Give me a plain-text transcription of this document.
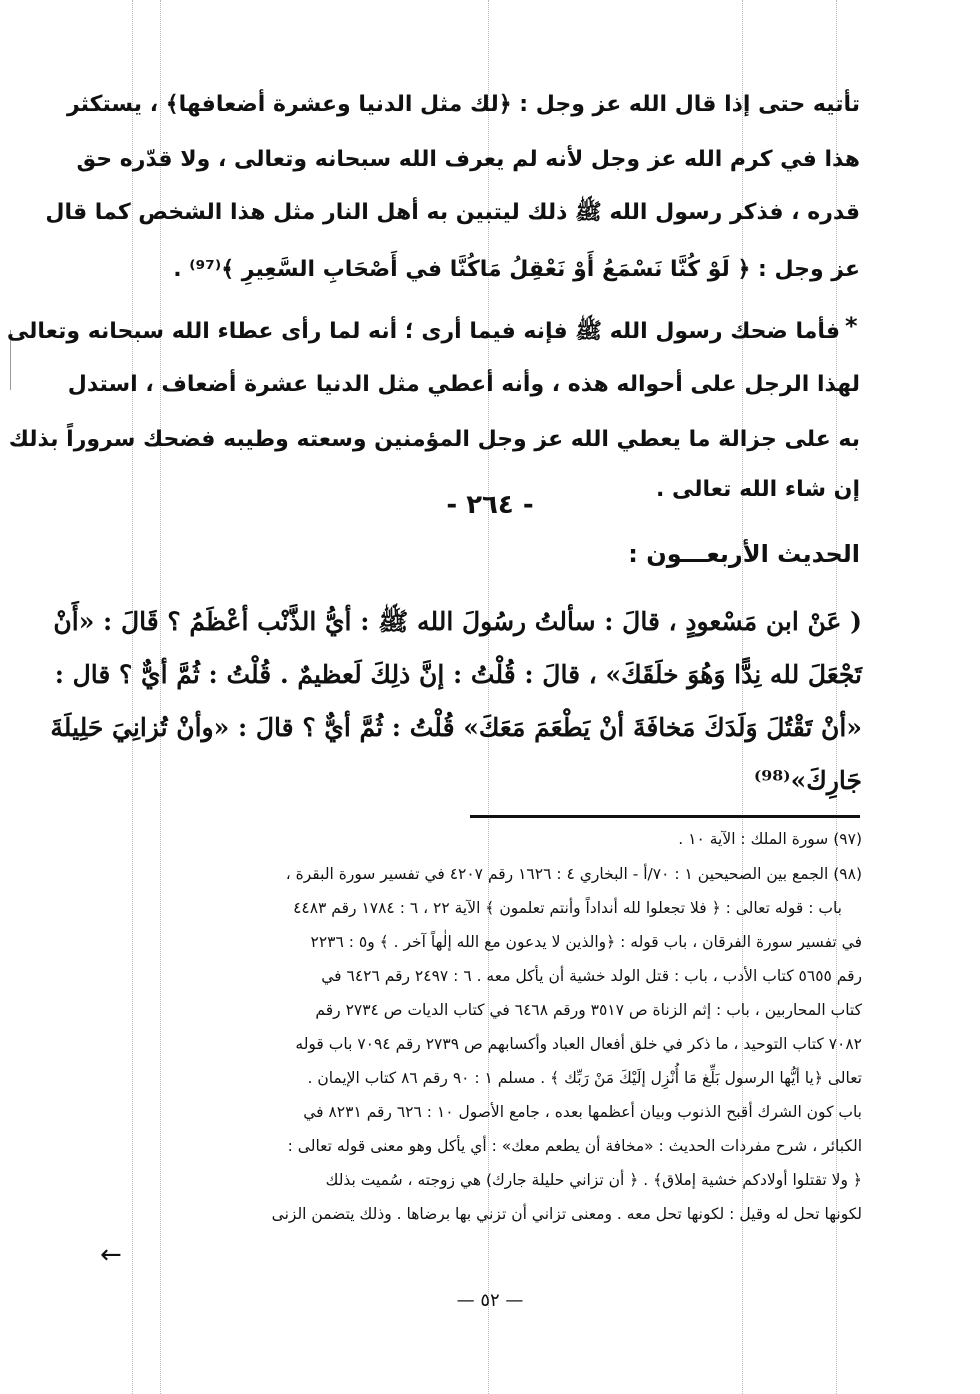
تأتيه حتى إذا قال الله عز وجل : ﴿لك مثل الدنيا وعشرة أضعافها﴾ ، يستكثر
هذا في كرم الله عز وجل لأنه لم يعرف الله سبحانه وتعالى ، ولا قدّره حق
قدره ، فذكر رسول الله ﷺ ذلك ليتبين به أهل النار مثل هذا الشخص كما قال
عز وجل : ﴿ لَوْ كُنَّا نَسْمَعُ أَوْ نَعْقِلُ مَاكُنَّا في أَصْحَابِ السَّعِيرِ ﴾⁽⁹⁷⁾ .
*
فأما ضحك رسول الله ﷺ فإنه فيما أرى ؛ أنه لما رأى عطاء الله سبحانه وتعالى
لهذا الرجل على أحواله هذه ، وأنه أعطي مثل الدنيا عشرة أضعاف ، استدل
به على جزالة ما يعطي الله عز وجل المؤمنين وسعته وطيبه فضحك سروراً بذلك
إن شاء الله تعالى .
- ٢٦٤ -
الحديث الأربعـــون :
( عَنْ ابن مَسْعودٍ ، قالَ : سألتُ رسُولَ الله ﷺ : أيُّ الذَّنْب أعْظَمُ ؟ قَالَ : «أَنْ
تَجْعَلَ لله نِدًّا وَهُوَ خلَقَكَ» ، قالَ : قُلْتُ : إنَّ ذلِكَ لَعظيمٌ . قُلْتُ : ثُمَّ أيٌّ ؟ قال :
«أنْ تَقْتُلَ وَلَدَكَ مَخافَةَ أنْ يَطْعَمَ مَعَكَ» قُلْتُ : ثُمَّ أيٌّ ؟ قالَ : «وأنْ تُزانِيَ حَلِيلَةَ
جَارِكَ»⁽⁹⁸⁾
(٩٧) سورة الملك : الآية ١٠ .
(٩٨) الجمع بين الصحيحين ١ : ٧٠/أ - البخاري ٤ : ١٦٢٦ رقم ٤٢٠٧ في تفسير سورة البقرة ،
باب : قوله تعالى : ﴿ فلا تجعلوا لله أنداداً وأنتم تعلمون ﴾ الآية ٢٢ ، ٦ : ١٧٨٤ رقم ٤٤٨٣
في تفسير سورة الفرقان ، باب قوله : ﴿والذين لا يدعون مع الله إلٰهاً آخر . ﴾ و٥ : ٢٢٣٦
رقم ٥٦٥٥ كتاب الأدب ، باب : قتل الولد خشية أن يأكل معه . ٦ : ٢٤٩٧ رقم ٦٤٢٦ في
كتاب المحاربين ، باب : إثم الزناة ص ٣٥١٧ ورقم ٦٤٦٨ في كتاب الديات ص ٢٧٣٤ رقم
٧٠٨٢ كتاب التوحيد ، ما ذكر في خلق أفعال العباد وأكسابهم ص ٢٧٣٩ رقم ٧٠٩٤ باب قوله
تعالى ﴿يا أيُّها الرسول بَلِّغ مَا أُنْزِل إلَيْكَ مَنْ رَبِّك ﴾ . مسلم ١ : ٩٠ رقم ٨٦ كتاب الإيمان .
باب كون الشرك أقبح الذنوب وبيان أعظمها بعده ، جامع الأصول ١٠ : ٦٢٦ رقم ٨٢٣١ في
الكبائر ، شرح مفردات الحديث : «مخافة أن يطعم معك» : أي يأكل وهو معنى قوله تعالى :
﴿ ولا تقتلوا أولادكم خشية إملاق﴾ . ﴿ أن تزاني حليلة جارك) هي زوجته ، سُميت بذلك
لكونها تحل له وقيل : لكونها تحل معه . ومعنى تزاني أن تزني بها برضاها . وذلك يتضمن الزنى
←
— ٥٢ —
